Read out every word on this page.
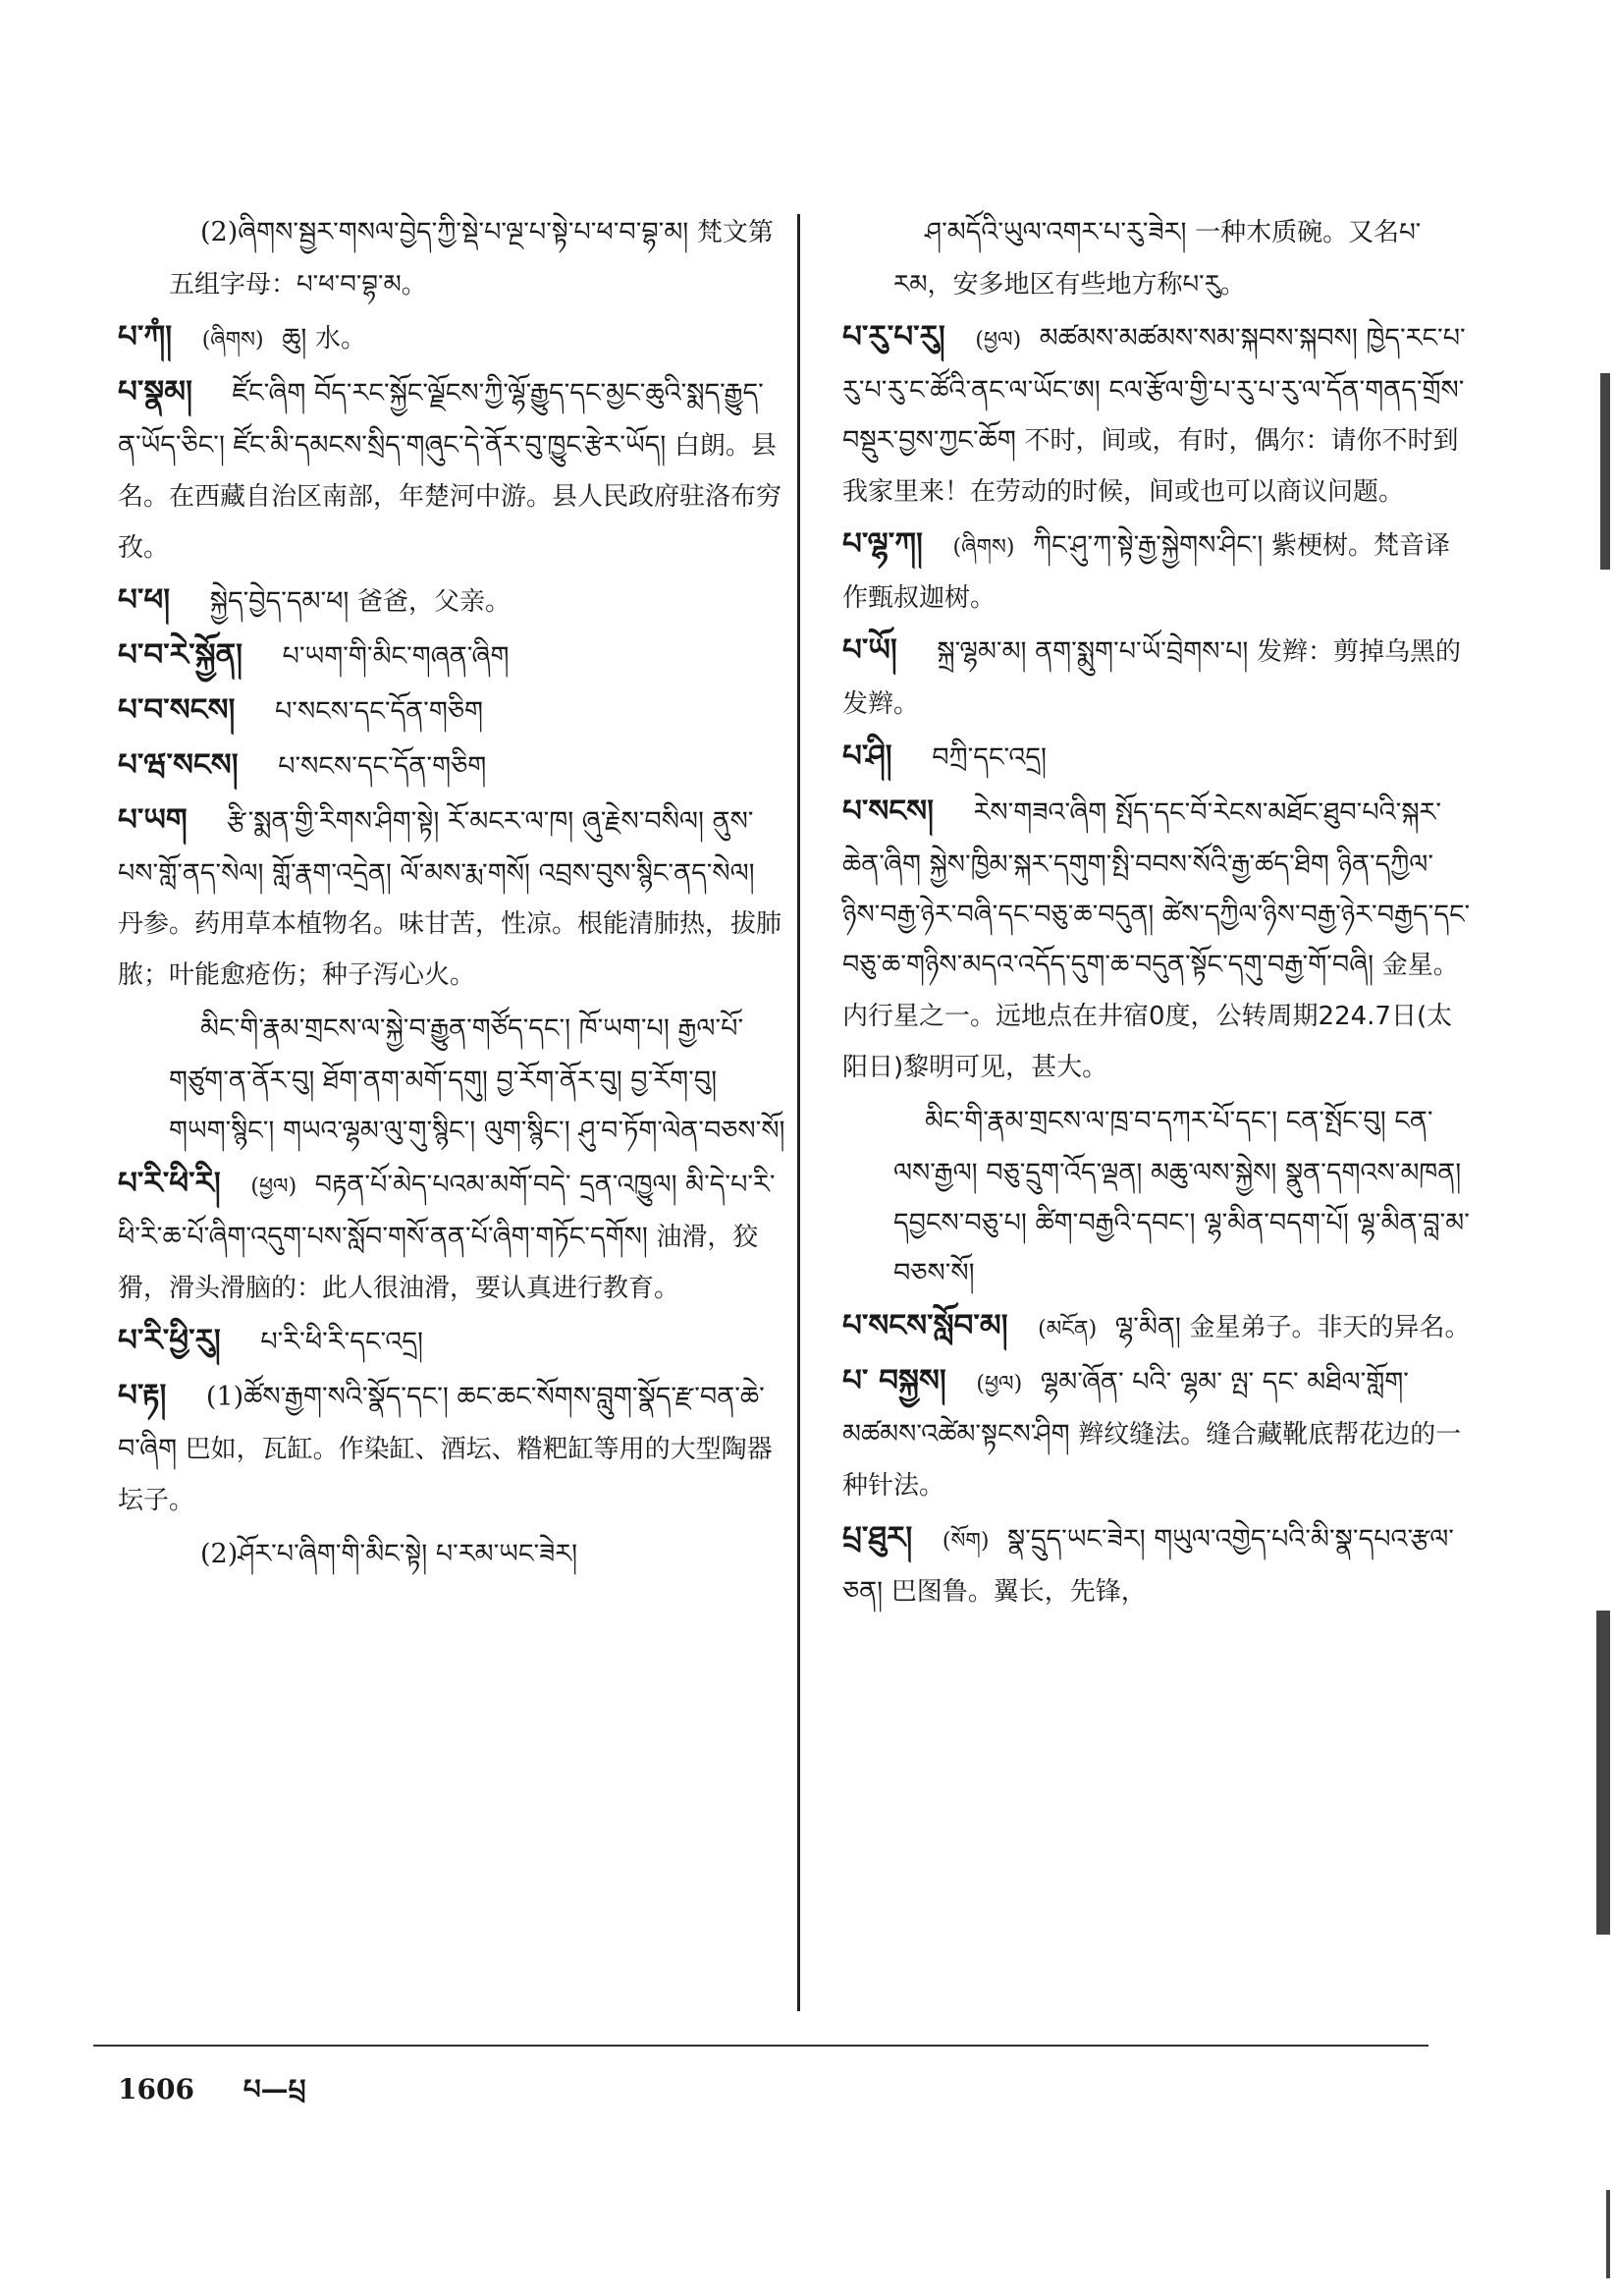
(2)ཞིགས་སྦྱར་གསལ་བྱེད་ཀྱི་སྡེ་པ་ལྔ་པ་སྟེ་པ་ཕ་བ་བྷ་མ། 梵文第五组字母：པ་ཕ་བ་བྷ་མ。
པ་ཀཾ། (ཞིགས) ཆུ། 水。
པ་སྣམ། ཛོང་ཞིག བོད་རང་སྐྱོང་ལྗོངས་ཀྱི་ལྷོ་རྒྱུད་དང་མྱང་ཆུའི་སྨད་རྒྱུད་ན་ཡོད་ཅིང་། ཛོང་མི་དམངས་སྲིད་གཞུང་དེ་ནོར་བུ་ཁྱུང་རྩེར་ཡོད། 白朗。县名。在西藏自治区南部，年楚河中游。县人民政府驻洛布穷孜。
པ་ཕ། སྐྱེད་བྱེད་དམ་ཕ། 爸爸，父亲。
པ་བ་རེ་སྐྱོན། པ་ཡག་གི་མིང་གཞན་ཞིག
པ་བ་སངས། པ་སངས་དང་དོན་གཅིག
པ་ཝ་སངས། པ་སངས་དང་དོན་གཅིག
པ་ཡག རྩི་སྨན་གྱི་རིགས་ཤིག་སྟེ། རོ་མངར་ལ་ཁ། ཞུ་རྗེས་བསིལ། ནུས་པས་གློ་ནད་སེལ། གློ་རྣག་འདྲེན། ལོ་མས་རྨ་གསོ། འབྲས་བུས་སྙིང་ནད་སེལ། 丹参。药用草本植物名。味甘苦，性凉。根能清肺热，拔肺脓；叶能愈疮伤；种子泻心火。
མིང་གི་རྣམ་གྲངས་ལ་སྐྱེ་བ་རྒྱུན་གཙོད་དང་། ཁོ་ཡག་པ། རྒྱལ་པོ་གཙུག་ན་ནོར་བུ། ཐོག་ནག་མགོ་དགུ། བྱ་རོག་ནོར་བུ། བྱ་རོག་བུ། གཡག་སྙིང་། གཡའ་ལྷམ་ལུ་གུ་སྙིང་། ལུག་སྙིང་། ཤུ་བ་ཏོག་ལེན་བཅས་སོ།
པ་རི་ཕི་རི། (ཕྱལ) བརྟན་པོ་མེད་པའམ་མགོ་བདེ་ དྲན་འཁྱུལ། མི་དེ་པ་རི་ཕི་རི་ཆ་པོ་ཞིག་འདུག་པས་སློབ་གསོ་ནན་པོ་ཞིག་གཏོང་དགོས། 油滑，狡猾，滑头滑脑的：此人很油滑，要认真进行教育。
པ་རི་ཕྱི་རུ། པ་རི་ཕི་རི་དང་འདྲ།
པ་རྟ། (1)ཚོས་རྒྱག་སའི་སྣོད་དང་། ཆང་ཆང་སོགས་བླུག་སྣོད་རྫ་བན་ཆེ་བ་ཞིག 巴如，瓦缸。作染缸、酒坛、糌粑缸等用的大型陶器坛子。
(2)ཤོར་པ་ཞིག་གི་མིང་སྟེ། པ་རམ་ཡང་ཟེར།
ཤ་མདོའི་ཡུལ་འགར་པ་རུ་ཟེར། 一种木质碗。又名པ་རམ，安多地区有些地方称པ་རུ。
པ་རུ་པ་རུ། (ཕྱལ) མཚམས་མཚམས་སམ་སྐབས་སྐབས། ཁྱེད་རང་པ་རུ་པ་རུ་ང་ཚོའི་ནང་ལ་ཡོང་ཨ། ངལ་རྩོལ་གྱི་པ་རུ་པ་རུ་ལ་དོན་གནད་གྲོས་བསྡུར་བྱས་ཀྱང་ཆོག 不时，间或，有时，偶尔：请你不时到我家里来！在劳动的时候，间或也可以商议问题。
པ་ལྷ་ཀ། (ཞིགས) ཀིང་ཤུ་ཀ་སྟེ་རྒྱ་སྐྱེགས་ཤིང་། 紫梗树。梵音译作甄叔迦树。
པ་ཡོ། སྐྲ་ལྷམ་མ། ནག་སྨུག་པ་ཡོ་བྲེགས་པ། 发辫：剪掉乌黑的发辫。
པ་ཤི། བཀྲི་དང་འདྲ།
པ་སངས། རེས་གཟའ་ཞིག སྤོད་དང་བོ་རེངས་མཐོང་ཐུབ་པའི་སྐར་ཆེན་ཞིག སྐྱེས་ཁྱིམ་སྐར་དགུག་སྤི་བབས་སོའི་རྒྱ་ཚད་ཐིག ཉིན་དཀྱིལ་ཉིས་བརྒྱ་ཉེར་བཞི་དང་བཅུ་ཆ་བདུན། ཚེས་དཀྱིལ་ཉིས་བརྒྱ་ཉེར་བརྒྱད་དང་བཅུ་ཆ་གཉིས་མདའ་འདོད་དུག་ཆ་བདུན་སྟོང་དགུ་བརྒྱ་གོ་བཞི། 金星。内行星之一。远地点在井宿0度，公转周期224.7日(太阳日)黎明可见，甚大。
མིང་གི་རྣམ་གྲངས་ལ་ཁྲ་བ་དཀར་པོ་དང་། ངན་སྤོང་བུ། ངན་ལས་རྒྱལ། བཅུ་དྲུག་འོད་ལྡན། མཆུ་ལས་སྐྱེས། སྣུན་དགའས་མཁན། དབྱངས་བཅུ་པ། ཚིག་བརྒྱའི་དབང་། ལྷ་མིན་བདག་པོ། ལྷ་མིན་བླ་མ་བཅས་སོ།
པ་སངས་སློབ་མ། (མངོན) ལྷ་མིན། 金星弟子。非天的异名。
པ་ བསྐྱས། (ཕྱལ) ལྷམ་ཞོན་ པའི་ ལྷམ་ ལྤ་ དང་ མཐིལ་གློག་མཚམས་འཚེམ་སྟངས་ཤིག 辫纹缝法。缝合藏靴底帮花边的一种针法。
པྲ་ཐུར། (སོག) སྣ་དྲུད་ཡང་ཟེར། གཡུལ་འགྱེད་པའི་མི་སྣ་དཔའ་རྩལ་ཅན། 巴图鲁。翼长，先锋，
1606 པ—པྲ
